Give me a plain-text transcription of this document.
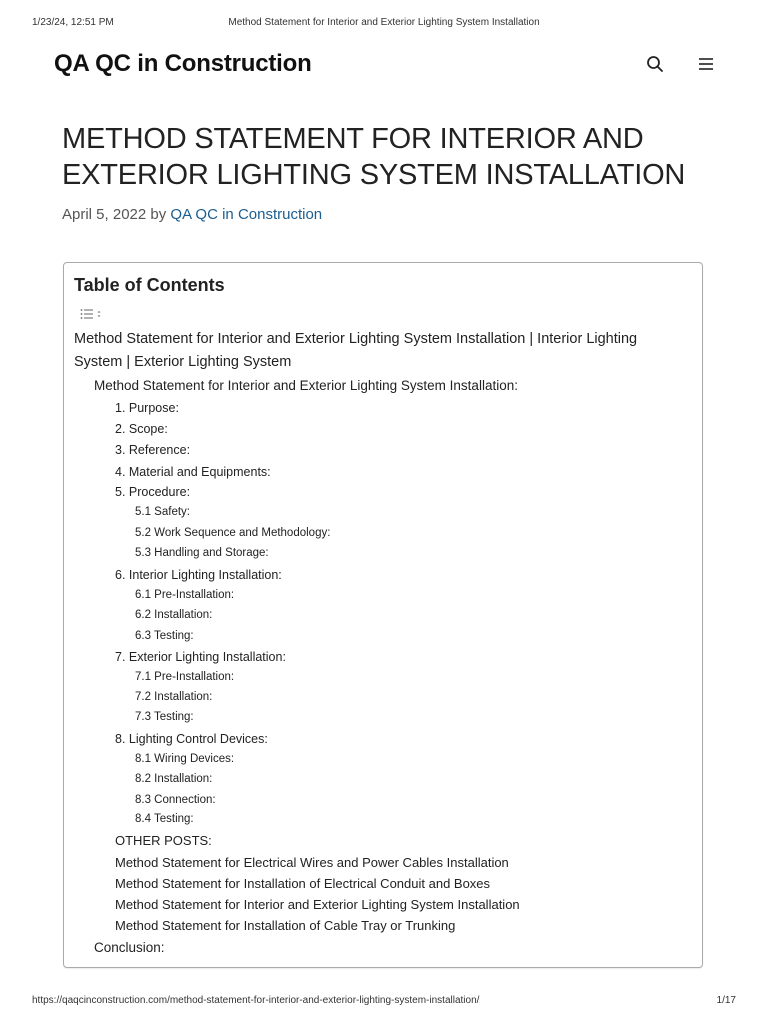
1/23/24, 12:51 PM	Method Statement for Interior and Exterior Lighting System Installation
QA QC in Construction
METHOD STATEMENT FOR INTERIOR AND EXTERIOR LIGHTING SYSTEM INSTALLATION
April 5, 2022 by QA QC in Construction
Table of Contents
Method Statement for Interior and Exterior Lighting System Installation | Interior Lighting System | Exterior Lighting System
Method Statement for Interior and Exterior Lighting System Installation:
1. Purpose:
2. Scope:
3. Reference:
4. Material and Equipments:
5. Procedure:
5.1 Safety:
5.2 Work Sequence and Methodology:
5.3 Handling and Storage:
6. Interior Lighting Installation:
6.1 Pre-Installation:
6.2 Installation:
6.3 Testing:
7. Exterior Lighting Installation:
7.1 Pre-Installation:
7.2 Installation:
7.3 Testing:
8. Lighting Control Devices:
8.1 Wiring Devices:
8.2 Installation:
8.3 Connection:
8.4 Testing:
OTHER POSTS:
Method Statement for Electrical Wires and Power Cables Installation
Method Statement for Installation of Electrical Conduit and Boxes
Method Statement for Interior and Exterior Lighting System Installation
Method Statement for Installation of Cable Tray or Trunking
Conclusion:
https://qaqcinconstruction.com/method-statement-for-interior-and-exterior-lighting-system-installation/	1/17
